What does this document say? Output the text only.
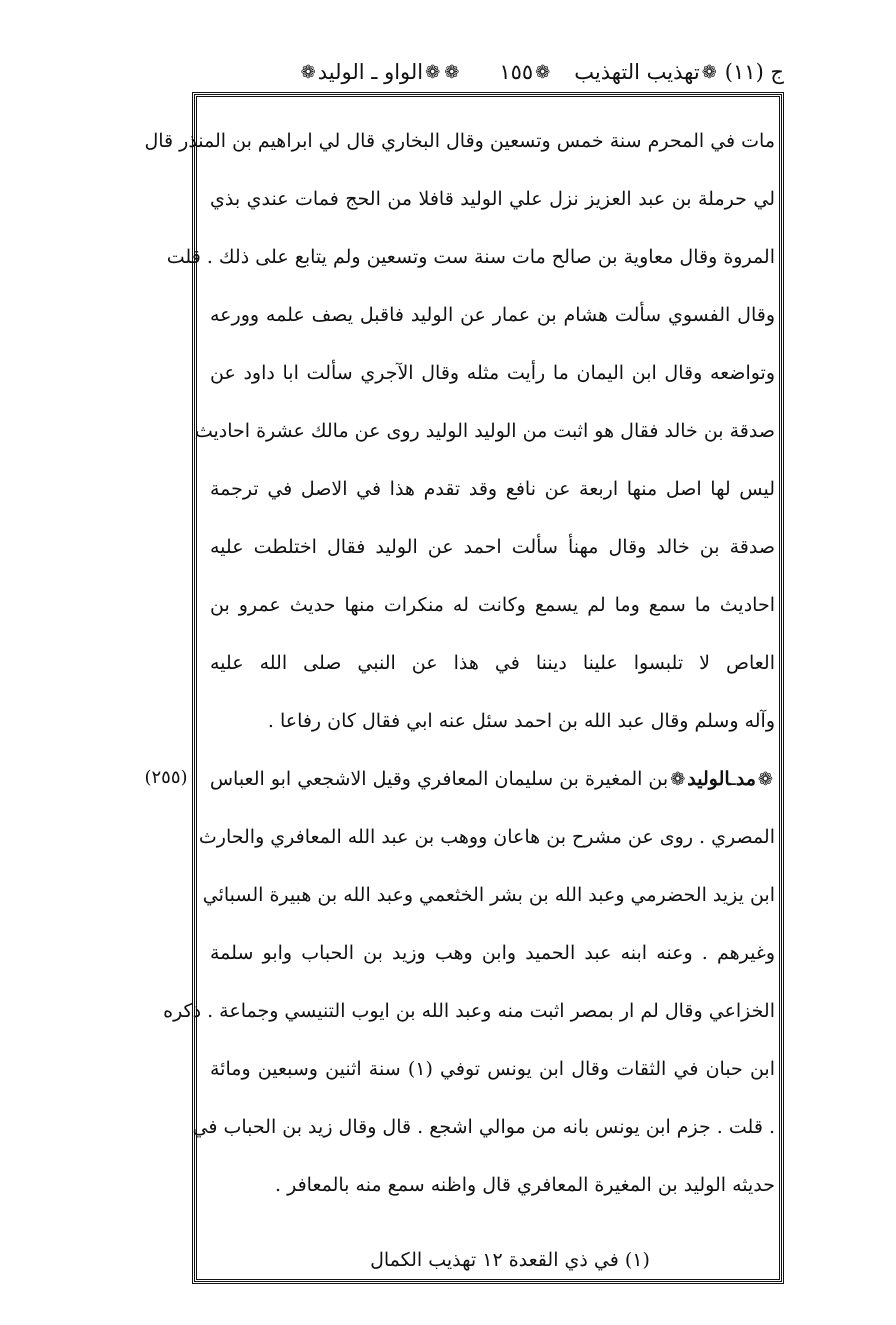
ج (١١)
❁
تهذيب التهذيب
❁
١٥٥
❁
❁
الواو ـ الوليد
❁
مات في المحرم سنة خمس وتسعين وقال البخاري قال لي ابراهيم بن المنذر قال
لي حرملة بن عبد العزيز نزل علي الوليد قافلا من الحج فمات عندي بذي
المروة وقال معاوية بن صالح مات سنة ست وتسعين ولم يتابع على ذلك . قلت
وقال الفسوي سألت هشام بن عمار عن الوليد فاقبل يصف علمه وورعه
وتواضعه وقال ابن اليمان ما رأيت مثله وقال الآجري سألت ابا داود عن
صدقة بن خالد فقال هو اثبت من الوليد الوليد روى عن مالك عشرة احاديث
ليس لها اصل منها اربعة عن نافع وقد تقدم هذا في الاصل في ترجمة
صدقة بن خالد وقال مهنأ سألت احمد عن الوليد فقال اختلطت عليه
احاديث ما سمع وما لم يسمع وكانت له منكرات منها حديث عمرو بن
العاص لا تلبسوا علينا ديننا في هذا عن النبي صلى الله عليه
وآله وسلم وقال عبد الله بن احمد سئل عنه ابي فقال كان رفاعا .
❁مدـالوليد❁بن المغيرة بن سليمان المعافري وقيل الاشجعي ابو العباس
المصري . روى عن مشرح بن هاعان ووهب بن عبد الله المعافري والحارث
ابن يزيد الحضرمي وعبد الله بن بشر الخثعمي وعبد الله بن هبيرة السبائي
وغيرهم . وعنه ابنه عبد الحميد وابن وهب وزيد بن الحباب وابو سلمة
الخزاعي وقال لم ار بمصر اثبت منه وعبد الله بن ايوب التنيسي وجماعة . ذكره
ابن حبان في الثقات وقال ابن يونس توفي (١) سنة اثنين وسبعين ومائة
. قلت . جزم ابن يونس بانه من موالي اشجع . قال وقال زيد بن الحباب في
حديثه الوليد بن المغيرة المعافري قال واظنه سمع منه بالمعافر .
(٢٥٥)
(١) في ذي القعدة ١٢ تهذيب الكمال
